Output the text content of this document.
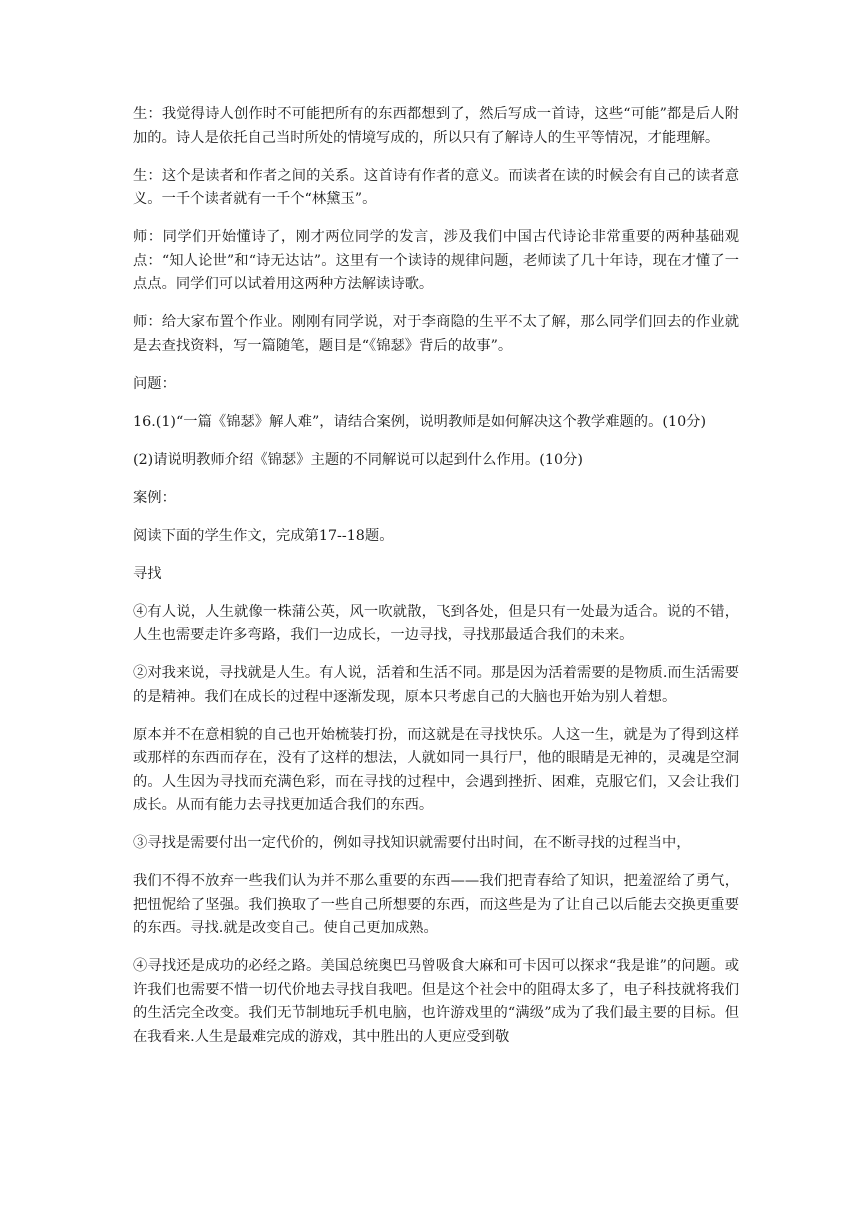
生：我觉得诗人创作时不可能把所有的东西都想到了，然后写成一首诗，这些“可能”都是后人附加的。诗人是依托自己当时所处的情境写成的，所以只有了解诗人的生平等情况，才能理解。

生：这个是读者和作者之间的关系。这首诗有作者的意义。而读者在读的时候会有自己的读者意义。一千个读者就有一千个“林黛玉”。

师：同学们开始懂诗了，刚才两位同学的发言，涉及我们中国古代诗论非常重要的两种基础观点：“知人论世”和“诗无达诂”。这里有一个读诗的规律问题，老师读了几十年诗，现在才懂了一点点。同学们可以试着用这两种方法解读诗歌。

师：给大家布置个作业。刚刚有同学说，对于李商隐的生平不太了解，那么同学们回去的作业就是去查找资料，写一篇随笔，题目是“《锦瑟》背后的故事”。

问题：

16.(1)“一篇《锦瑟》解人难”，请结合案例，说明教师是如何解决这个教学难题的。(10分)

(2)请说明教师介绍《锦瑟》主题的不同解说可以起到什么作用。(10分)

案例：

阅读下面的学生作文，完成第17--18题。

寻找

④有人说，人生就像一株蒲公英，风一吹就散，飞到各处，但是只有一处最为适合。说的不错，人生也需要走许多弯路，我们一边成长，一边寻找，寻找那最适合我们的未来。

②对我来说，寻找就是人生。有人说，活着和生活不同。那是因为活着需要的是物质.而生活需要的是精神。我们在成长的过程中逐渐发现，原本只考虑自己的大脑也开始为别人着想。

原本并不在意相貌的自己也开始梳装打扮，而这就是在寻找快乐。人这一生，就是为了得到这样或那样的东西而存在，没有了这样的想法，人就如同一具行尸，他的眼睛是无神的，灵魂是空洞的。人生因为寻找而充满色彩，而在寻找的过程中，会遇到挫折、困难，克服它们，又会让我们成长。从而有能力去寻找更加适合我们的东西。

③寻找是需要付出一定代价的，例如寻找知识就需要付出时间，在不断寻找的过程当中，

我们不得不放弃一些我们认为并不那么重要的东西——我们把青春给了知识，把羞涩给了勇气，把忸怩给了坚强。我们换取了一些自己所想要的东西，而这些是为了让自己以后能去交换更重要的东西。寻找.就是改变自己。使自己更加成熟。

④寻找还是成功的必经之路。美国总统奥巴马曾吸食大麻和可卡因可以探求“我是谁”的问题。或许我们也需要不惜一切代价地去寻找自我吧。但是这个社会中的阻碍太多了，电子科技就将我们的生活完全改变。我们无节制地玩手机电脑，也许游戏里的“满级”成为了我们最主要的目标。但在我看来.人生是最难完成的游戏，其中胜出的人更应受到敬
